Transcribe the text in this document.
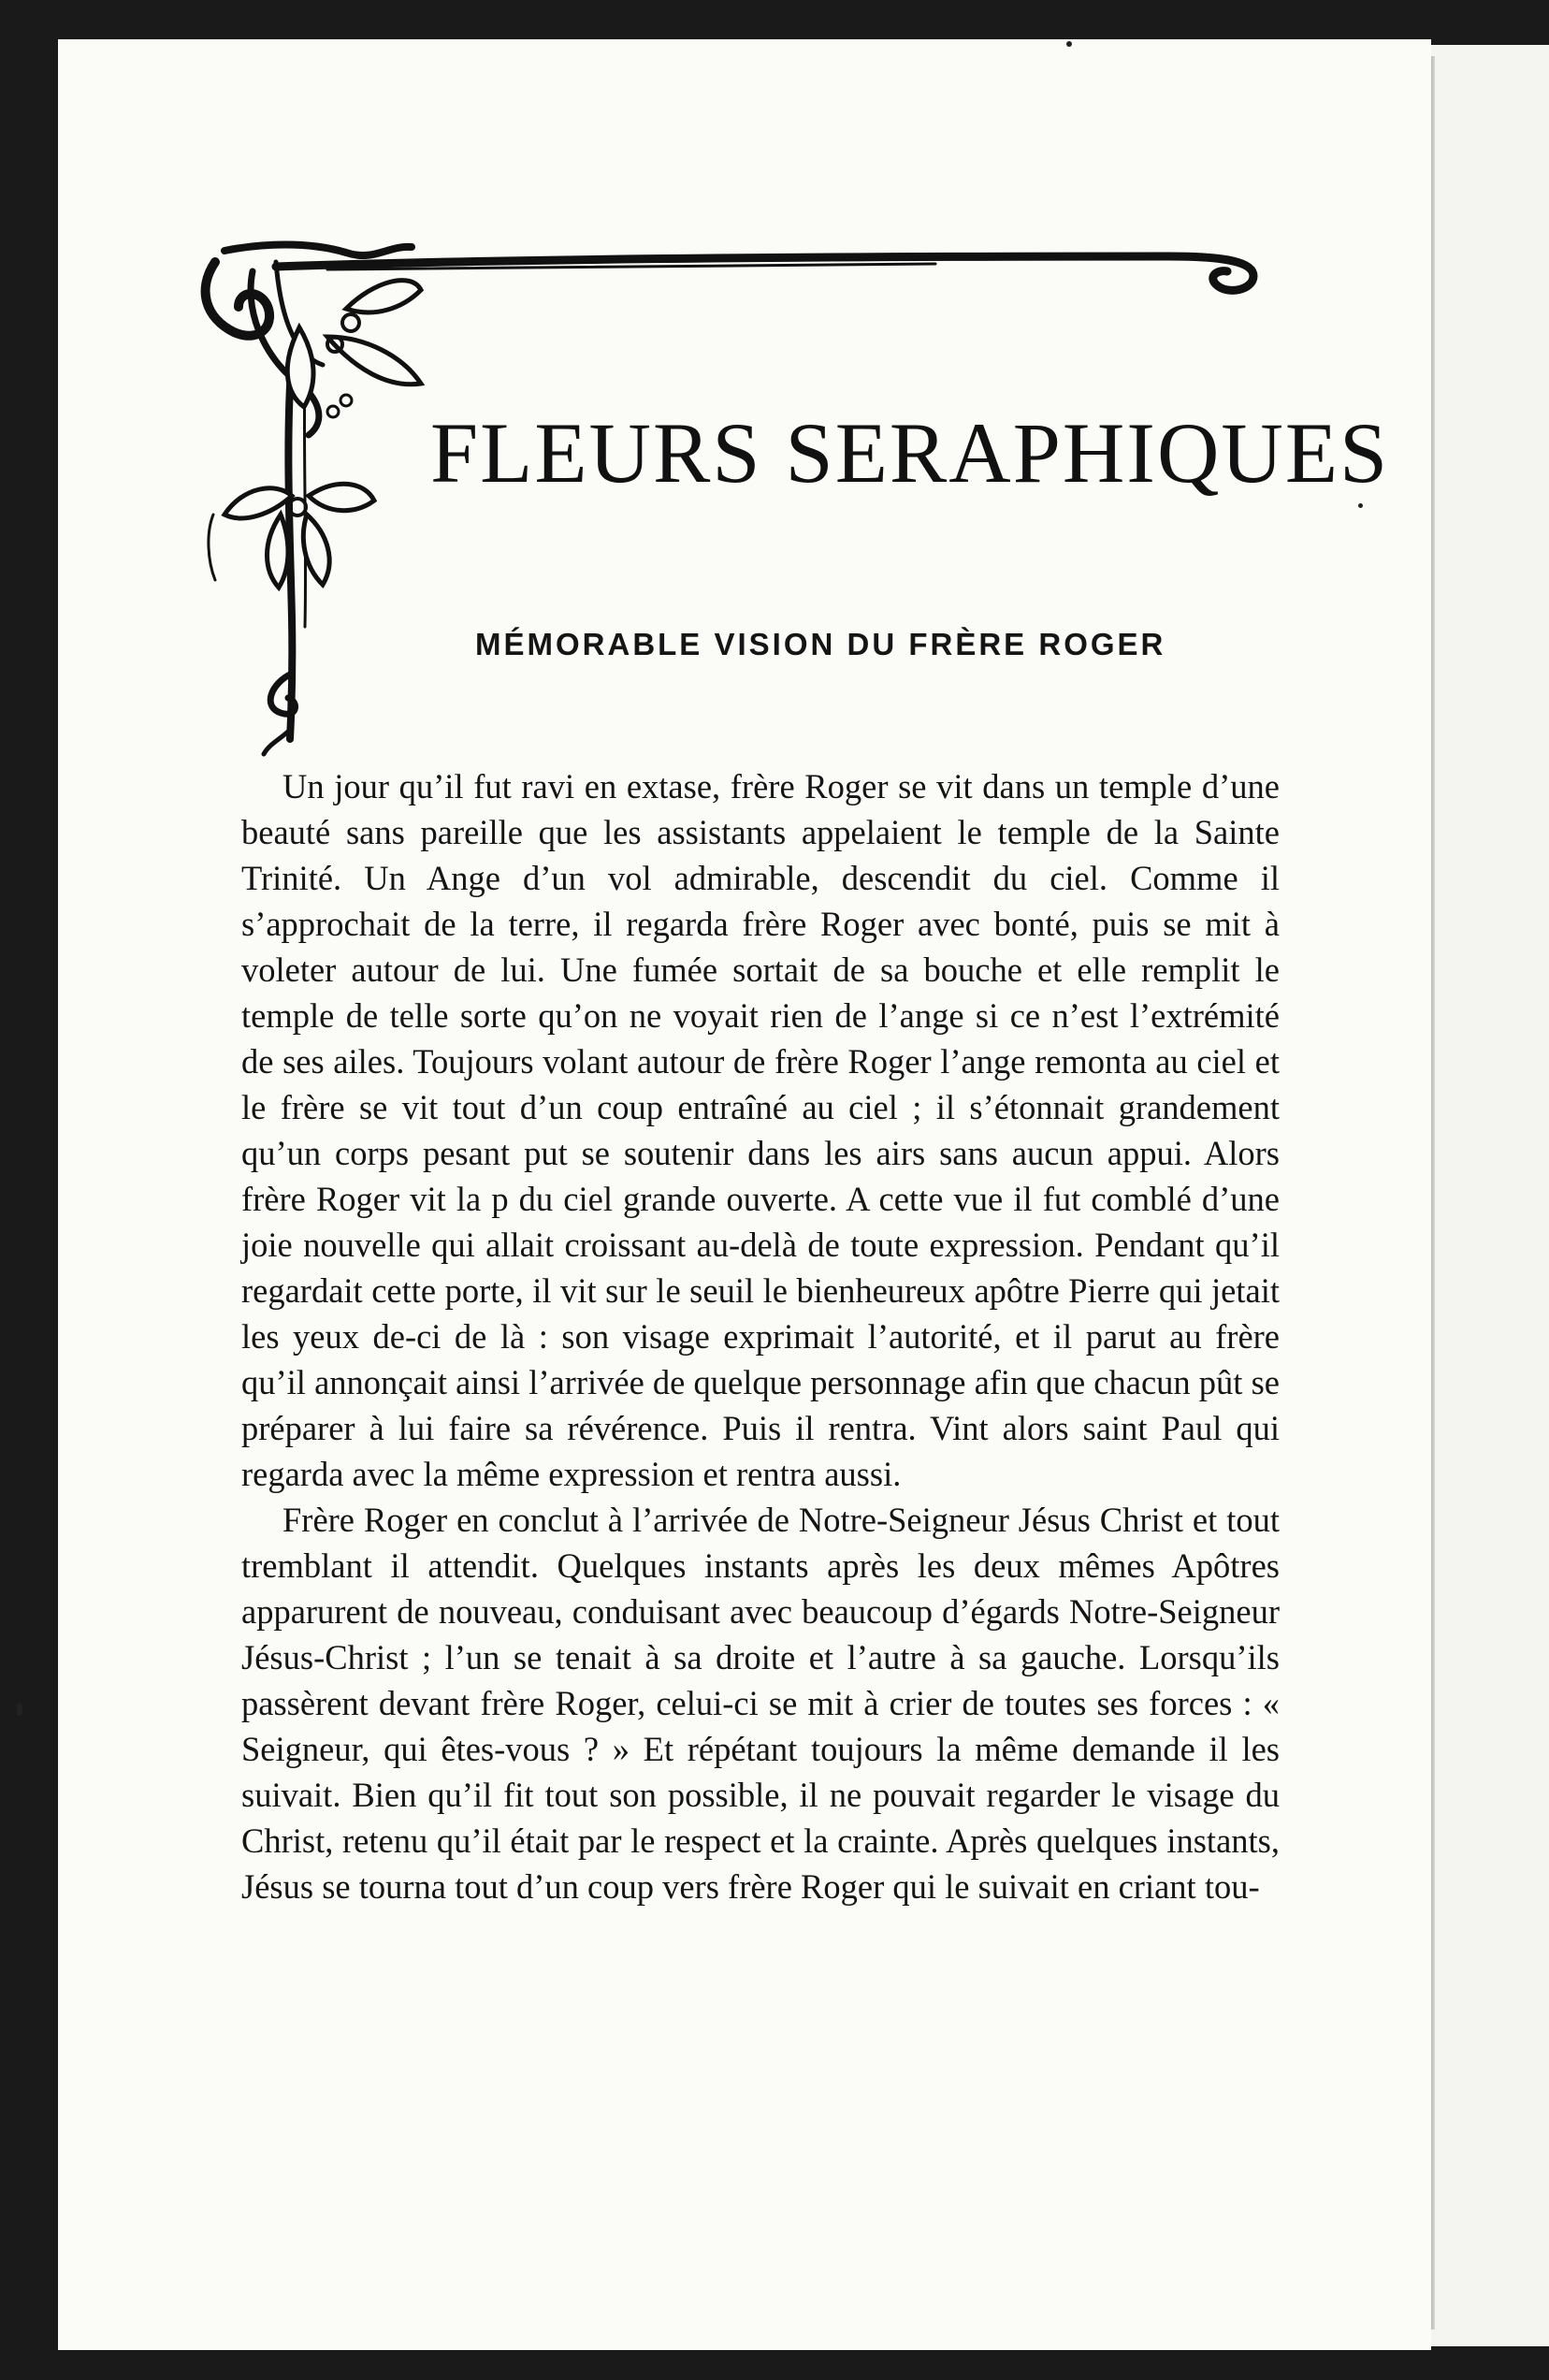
FLEURS SERAPHIQUES
MÉMORABLE VISION DU FRÈRE ROGER

Un jour qu’il fut ravi en extase, frère Roger se vit dans un temple d’une beauté sans pareille que les assistants appelaient le temple de la Sainte Trinité. Un Ange d’un vol admirable, descendit du ciel. Comme il s’approchait de la terre, il regarda frère Roger avec bonté, puis se mit à voleter autour de lui. Une fumée sortait de sa bouche et elle remplit le temple de telle sorte qu’on ne voyait rien de l’ange si ce n’est l’extrémité de ses ailes. Toujours volant autour de frère Roger l’ange remonta au ciel et le frère se vit tout d’un coup entraîné au ciel ; il s’étonnait grandement qu’un corps pesant put se soutenir dans les airs sans aucun appui. Alors frère Roger vit la p du ciel grande ouverte. A cette vue il fut comblé d’une joie nouvelle qui allait croissant au-delà de toute expression. Pendant qu’il regardait cette porte, il vit sur le seuil le bienheureux apôtre Pierre qui jetait les yeux de-ci de là : son visage exprimait l’autorité, et il parut au frère qu’il annonçait ainsi l’arrivée de quelque personnage afin que chacun pût se préparer à lui faire sa révérence. Puis il rentra. Vint alors saint Paul qui regarda avec la même expression et rentra aussi.

Frère Roger en conclut à l’arrivée de Notre-Seigneur Jésus Christ et tout tremblant il attendit. Quelques instants après les deux mêmes Apôtres apparurent de nouveau, conduisant avec beaucoup d’égards Notre-Seigneur Jésus-Christ ; l’un se tenait à sa droite et l’autre à sa gauche. Lorsqu’ils passèrent devant frère Roger, celui-ci se mit à crier de toutes ses forces : « Seigneur, qui êtes-vous ? » Et répétant toujours la même demande il les suivait. Bien qu’il fit tout son possible, il ne pouvait regarder le visage du Christ, retenu qu’il était par le respect et la crainte. Après quelques instants, Jésus se tourna tout d’un coup vers frère Roger qui le suivait en criant tou-
